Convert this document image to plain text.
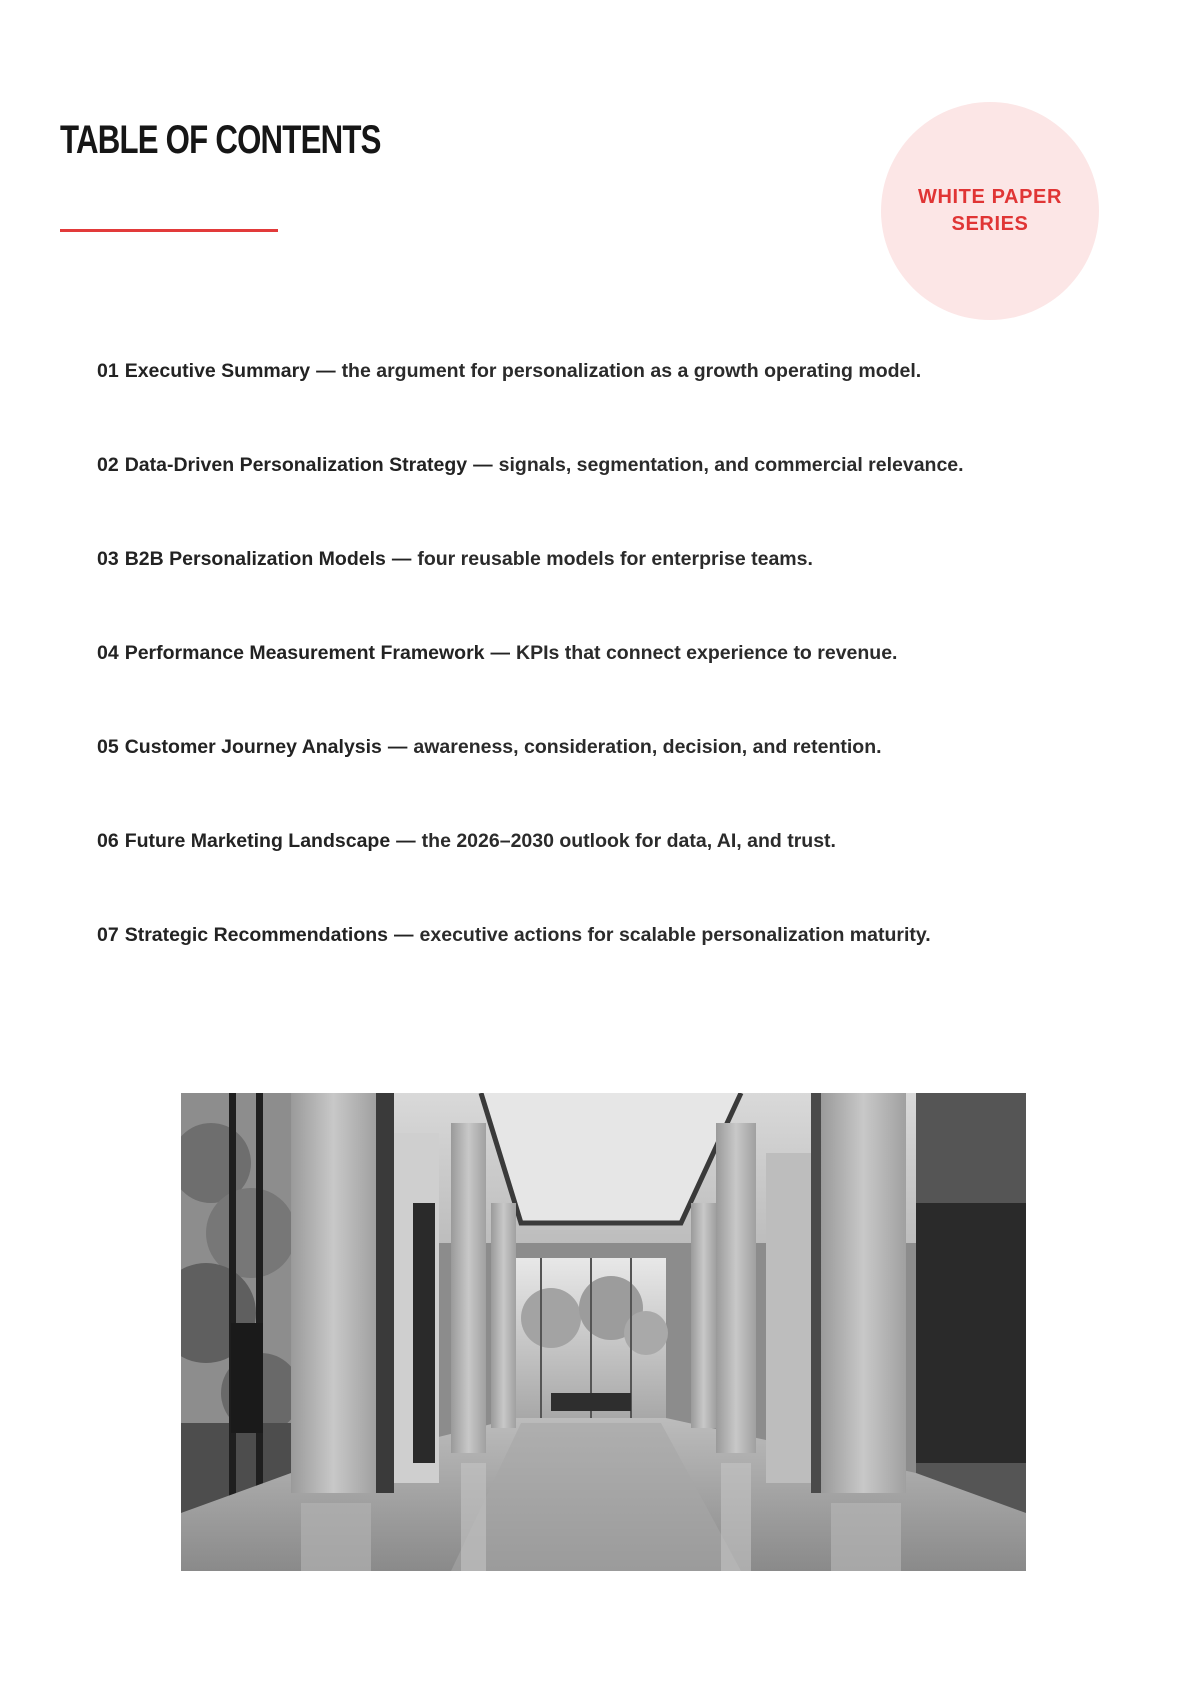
TABLE OF CONTENTS
WHITE PAPER
SERIES
01 Executive Summary — the argument for personalization as a growth operating model.
02 Data-Driven Personalization Strategy — signals, segmentation, and commercial relevance.
03 B2B Personalization Models — four reusable models for enterprise teams.
04 Performance Measurement Framework — KPIs that connect experience to revenue.
05 Customer Journey Analysis — awareness, consideration, decision, and retention.
06 Future Marketing Landscape — the 2026–2030 outlook for data, AI, and trust.
07 Strategic Recommendations — executive actions for scalable personalization maturity.
